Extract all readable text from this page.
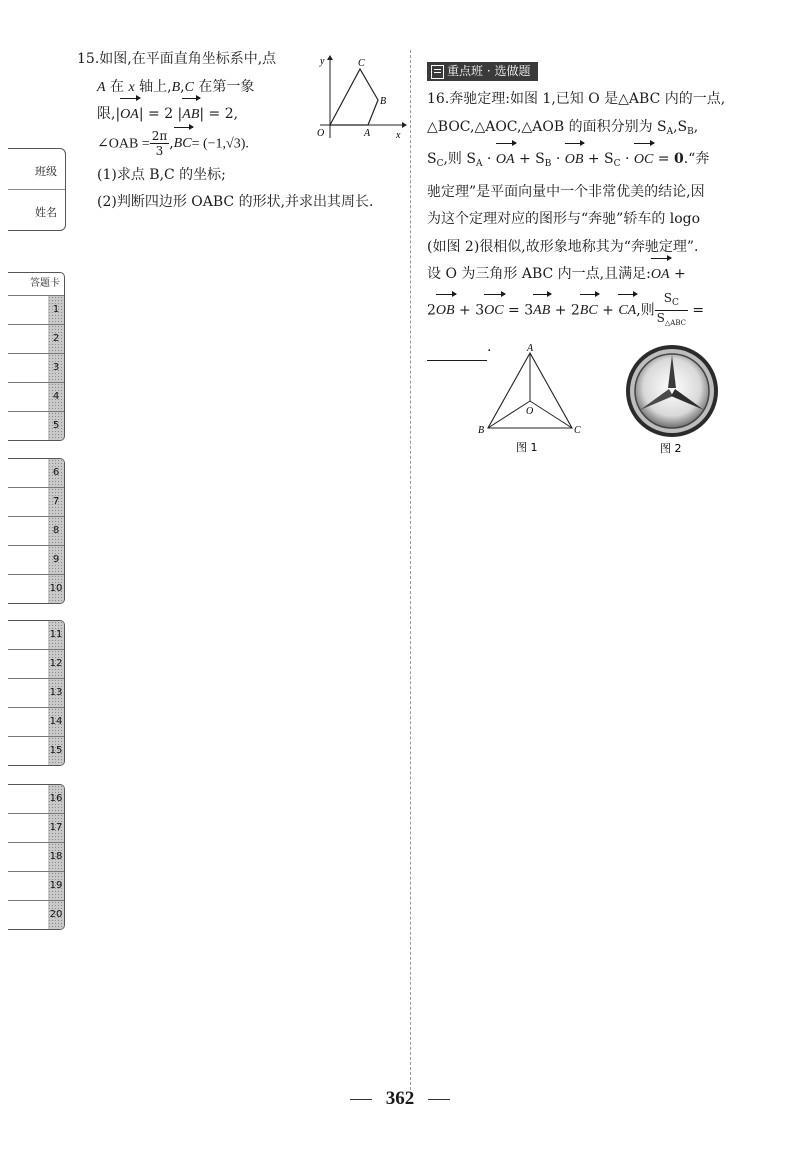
班级
姓名
答题卡
1
2
3
4
5
6
7
8
9
10
11
12
13
14
15
16
17
18
19
20
15.如图,在平面直角坐标系中,点
A 在 x 轴上,B,C 在第一象
限,|OA| = 2 |AB| = 2,
∠OAB = $\frac{2\pi}{3} ,BC= (-1,√3)$.
(1)求点 B,C 的坐标;
(2)判断四边形 OABC 的形状,并求出其周长.
y
x
O	A
B
C
重点班 · 选做题
16.奔驰定理:如图 1,已知 O 是△ABC 内的一点,
△BOC,△AOC,△AOB 的面积分别为 $S_A,S_B$,
$S_C$,则 $S_A$ · OA + $S_B$ · OB + $S_C$ · OC = 0.“奔
驰定理”是平面向量中一个非常优美的结论,因
为这个定理对应的图形与“奔驰”轿车的 logo
(如图 2)很相似,故形象地称其为“奔驰定理”.
设 O 为三角形 ABC 内一点,且满足:OA +
2OB + 3OC = 3AB + 2BC + CA,则 $\frac{S_C}{S_{\triangle ABC}}$ =
.	A
B	C
O
图 1	图 2
362
